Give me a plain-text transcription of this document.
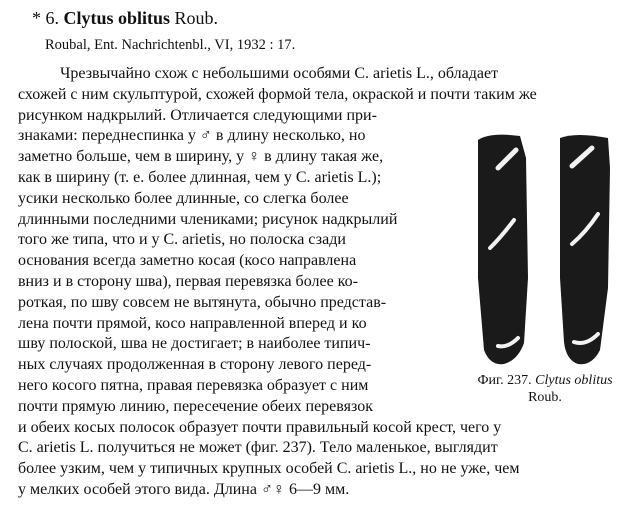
* 6. Clytus oblitus Roub.
Roubal, Ent. Nachrichtenbl., VI, 1932 : 17.
Чрезвычайно схож с небольшими особями C. arietis L., обладает
схожей с ним скульптурой, схожей формой тела, окраской и почти таким же
рисунком надкрылий. Отличается следующими при-
знаками: переднеспинка у ♂ в длину несколько, но
заметно больше, чем в ширину, у ♀ в длину такая же,
как в ширину (т. е. более длинная, чем у C. arietis L.);
усики несколько более длинные, со слегка более
длинными последними члениками; рисунок надкрылий
того же типа, что и у C. arietis, но полоска сзади
основания всегда заметно косая (косо направлена
вниз и в сторону шва), первая перевязка более ко-
роткая, по шву совсем не вытянута, обычно представ-
лена почти прямой, косо направленной вперед и ко
шву полоской, шва не достигает; в наиболее типич-
ных случаях продолженная в сторону левого перед-
него косого пятна, правая перевязка образует с ним
почти прямую линию, пересечение обеих перевязок
и обеих косых полосок образует почти правильный косой крест, чего у
C. arietis L. получиться не может (фиг. 237). Тело маленькое, выглядит
Фиг. 237. Clytus oblitus
Roub.
более узким, чем у типичных крупных особей C. arietis L., но не уже, чем
у мелких особей этого вида. Длина ♂♀ 6—9 мм.
